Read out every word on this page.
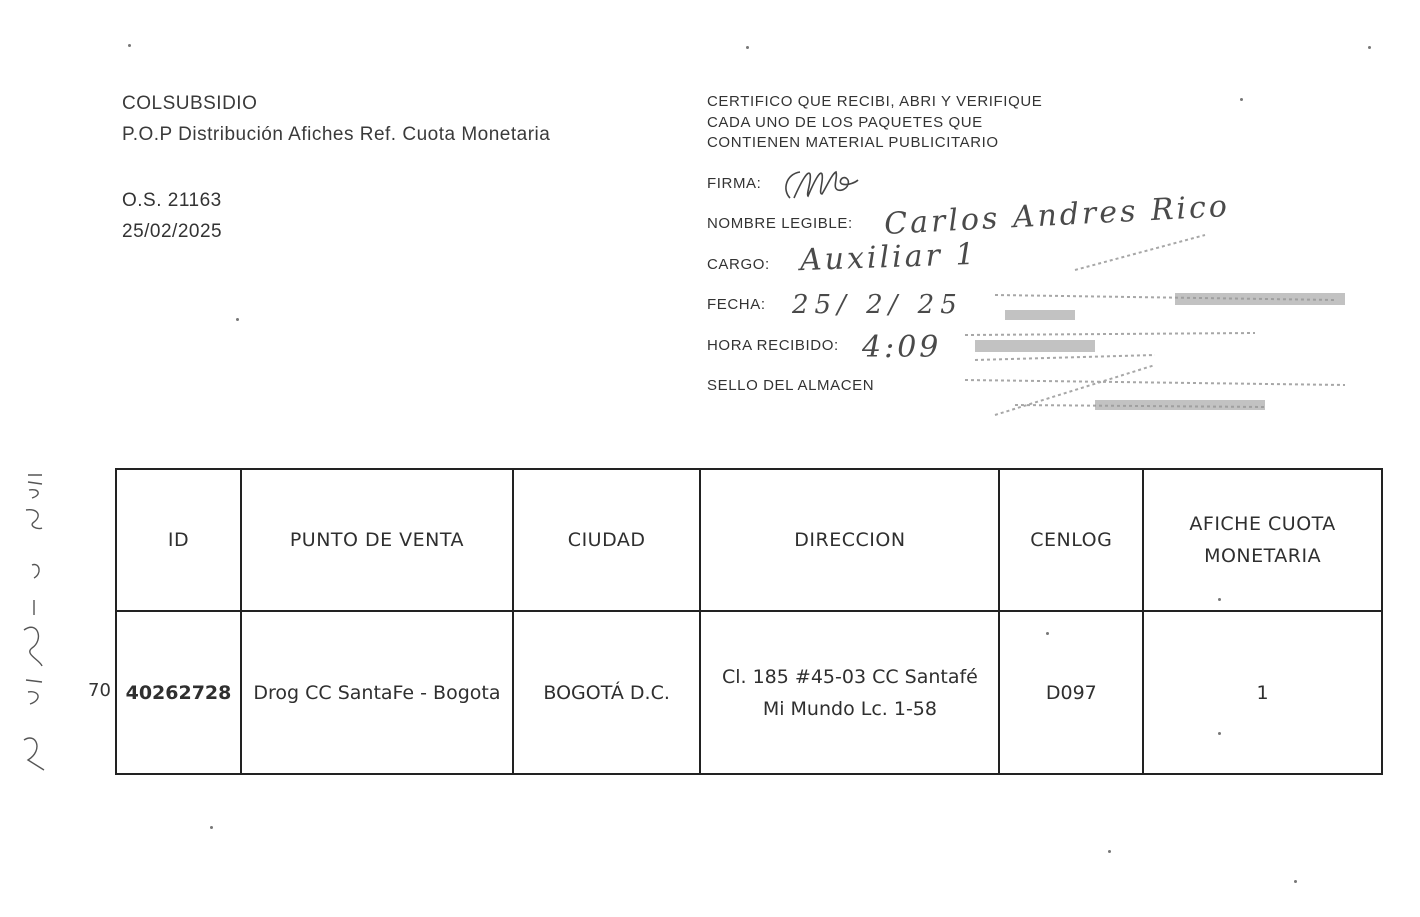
COLSUBSIDIO
P.O.P Distribución Afiches Ref. Cuota Monetaria
O.S. 21163
25/02/2025
CERTIFICO QUE RECIBI, ABRI Y VERIFIQUE
CADA UNO DE LOS PAQUETES QUE
CONTIENEN MATERIAL PUBLICITARIO
FIRMA:
NOMBRE LEGIBLE: Carlos Andres Rico
CARGO: Auxiliar 1
FECHA: 25/ 2/ 25
HORA RECIBIDO: 4:09
SELLO DEL ALMACEN
70
ID	PUNTO DE VENTA	CIUDAD	DIRECCION	CENLOG	AFICHE CUOTA MONETARIA
40262728	Drog CC SantaFe - Bogota	BOGOTÁ D.C.	Cl. 185 #45-03 CC Santafé Mi Mundo Lc. 1-58	D097	1
